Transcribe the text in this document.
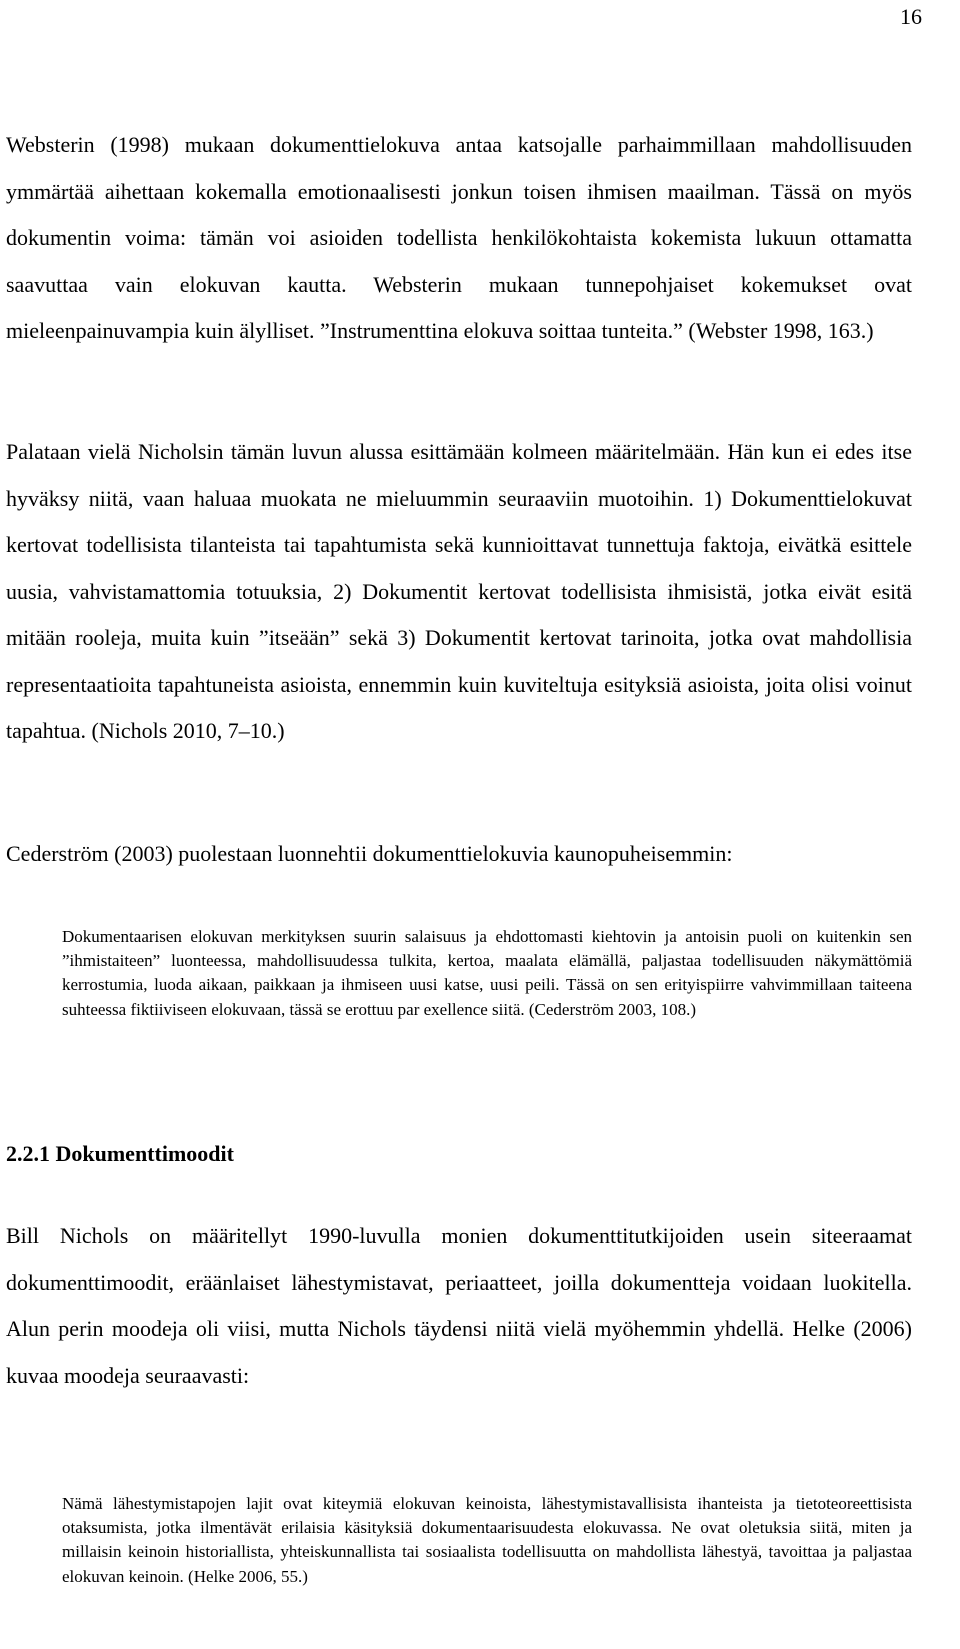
16

Websterin (1998) mukaan dokumenttielokuva antaa katsojalle parhaimmillaan mahdollisuuden ymmärtää aihettaan kokemalla emotionaalisesti jonkun toisen ihmisen maailman. Tässä on myös dokumentin voima: tämän voi asioiden todellista henkilökohtaista kokemista lukuun ottamatta saavuttaa vain elokuvan kautta. Websterin mukaan tunnepohjaiset kokemukset ovat mieleenpainuvampia kuin älylliset. ”Instrumenttina elokuva soittaa tunteita.” (Webster 1998, 163.)

Palataan vielä Nicholsin tämän luvun alussa esittämään kolmeen määritelmään. Hän kun ei edes itse hyväksy niitä, vaan haluaa muokata ne mieluummin seuraaviin muotoihin. 1) Dokumenttielokuvat kertovat todellisista tilanteista tai tapahtumista sekä kunnioittavat tunnettuja faktoja, eivätkä esittele uusia, vahvistamattomia totuuksia, 2) Dokumentit kertovat todellisista ihmisistä, jotka eivät esitä mitään rooleja, muita kuin ”itseään” sekä 3) Dokumentit kertovat tarinoita, jotka ovat mahdollisia representaatioita tapahtuneista asioista, ennemmin kuin kuviteltuja esityksiä asioista, joita olisi voinut tapahtua. (Nichols 2010, 7–10.)

Cederström (2003) puolestaan luonnehtii dokumenttielokuvia kaunopuheisemmin:

Dokumentaarisen elokuvan merkityksen suurin salaisuus ja ehdottomasti kiehtovin ja antoisin puoli on kuitenkin sen ”ihmistaiteen” luonteessa, mahdollisuudessa tulkita, kertoa, maalata elämällä, paljastaa todellisuuden näkymättömiä kerrostumia, luoda aikaan, paikkaan ja ihmiseen uusi katse, uusi peili. Tässä on sen erityispiirre vahvimmillaan taiteena suhteessa fiktiiviseen elokuvaan, tässä se erottuu par exellence siitä. (Cederström 2003, 108.)

2.2.1 Dokumenttimoodit

Bill Nichols on määritellyt 1990-luvulla monien dokumenttitutkijoiden usein siteeraamat dokumenttimoodit, eräänlaiset lähestymistavat, periaatteet, joilla dokumentteja voidaan luokitella. Alun perin moodeja oli viisi, mutta Nichols täydensi niitä vielä myöhemmin yhdellä. Helke (2006) kuvaa moodeja seuraavasti:

Nämä lähestymistapojen lajit ovat kiteymiä elokuvan keinoista, lähestymistavallisista ihanteista ja tietoteoreettisista otaksumista, jotka ilmentävät erilaisia käsityksiä dokumentaarisuudesta elokuvassa. Ne ovat oletuksia siitä, miten ja millaisin keinoin historiallista, yhteiskunnallista tai sosiaalista todellisuutta on mahdollista lähestyä, tavoittaa ja paljastaa elokuvan keinoin. (Helke 2006, 55.)
